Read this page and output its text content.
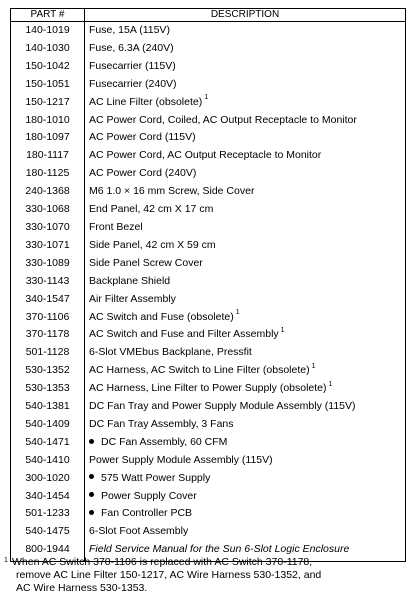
PART #	DESCRIPTION
140-1019	Fuse, 15A (115V)
140-1030	Fuse, 6.3A (240V)
150-1042	Fusecarrier (115V)
150-1051	Fusecarrier (240V)
150-1217	AC Line Filter (obsolete) $^1$
180-1010	AC Power Cord, Coiled, AC Output Receptacle to Monitor
180-1097	AC Power Cord (115V)
180-1117	AC Power Cord, AC Output Receptacle to Monitor
180-1125	AC Power Cord (240V)
240-1368	M6 1.0 × 16 mm Screw, Side Cover
330-1068	End Panel, 42 cm X 17 cm
330-1070	Front Bezel
330-1071	Side Panel, 42 cm X 59 cm
330-1089	Side Panel Screw Cover
330-1143	Backplane Shield
340-1547	Air Filter Assembly
370-1106	AC Switch and Fuse (obsolete) $^1$
370-1178	AC Switch and Fuse and Filter Assembly $^1$
501-1128	6-Slot VMEbus Backplane, Pressfit
530-1352	AC Harness, AC Switch to Line Filter (obsolete) $^1$
530-1353	AC Harness, Line Filter to Power Supply (obsolete) $^1$
540-1381	DC Fan Tray and Power Supply Module Assembly (115V)
540-1409	DC Fan Tray Assembly, 3 Fans
540-1471	DC Fan Assembly, 60 CFM
540-1410	Power Supply Module Assembly (115V)
300-1020	575 Watt Power Supply
340-1454	Power Supply Cover
501-1233	Fan Controller PCB
540-1475	6-Slot Foot Assembly
800-1944	Field Service Manual for the Sun 6-Slot Logic Enclosure
1 When AC Switch 370-1106 is replaced with AC Switch 370-1178,
remove AC Line Filter 150-1217, AC Wire Harness 530-1352, and
AC Wire Harness 530-1353.
